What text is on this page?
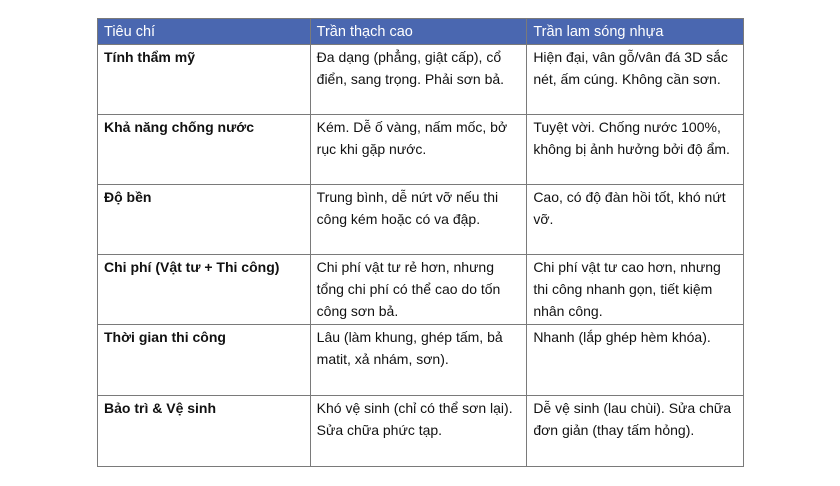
Tiêu chí	Trần thạch cao	Trần lam sóng nhựa
Tính thẩm mỹ	Đa dạng (phẳng, giật cấp), cổ điển, sang trọng. Phải sơn bả.	Hiện đại, vân gỗ/vân đá 3D sắc nét, ấm cúng. Không cần sơn.
Khả năng chống nước	Kém. Dễ ố vàng, nấm mốc, bở rục khi gặp nước.	Tuyệt vời. Chống nước 100%, không bị ảnh hưởng bởi độ ẩm.
Độ bền	Trung bình, dễ nứt vỡ nếu thi công kém hoặc có va đập.	Cao, có độ đàn hồi tốt, khó nứt vỡ.
Chi phí (Vật tư + Thi công)	Chi phí vật tư rẻ hơn, nhưng tổng chi phí có thể cao do tốn công sơn bả.	Chi phí vật tư cao hơn, nhưng thi công nhanh gọn, tiết kiệm nhân công.
Thời gian thi công	Lâu (làm khung, ghép tấm, bả matit, xả nhám, sơn).	Nhanh (lắp ghép hèm khóa).
Bảo trì & Vệ sinh	Khó vệ sinh (chỉ có thể sơn lại). Sửa chữa phức tạp.	Dễ vệ sinh (lau chùi). Sửa chữa đơn giản (thay tấm hỏng).
